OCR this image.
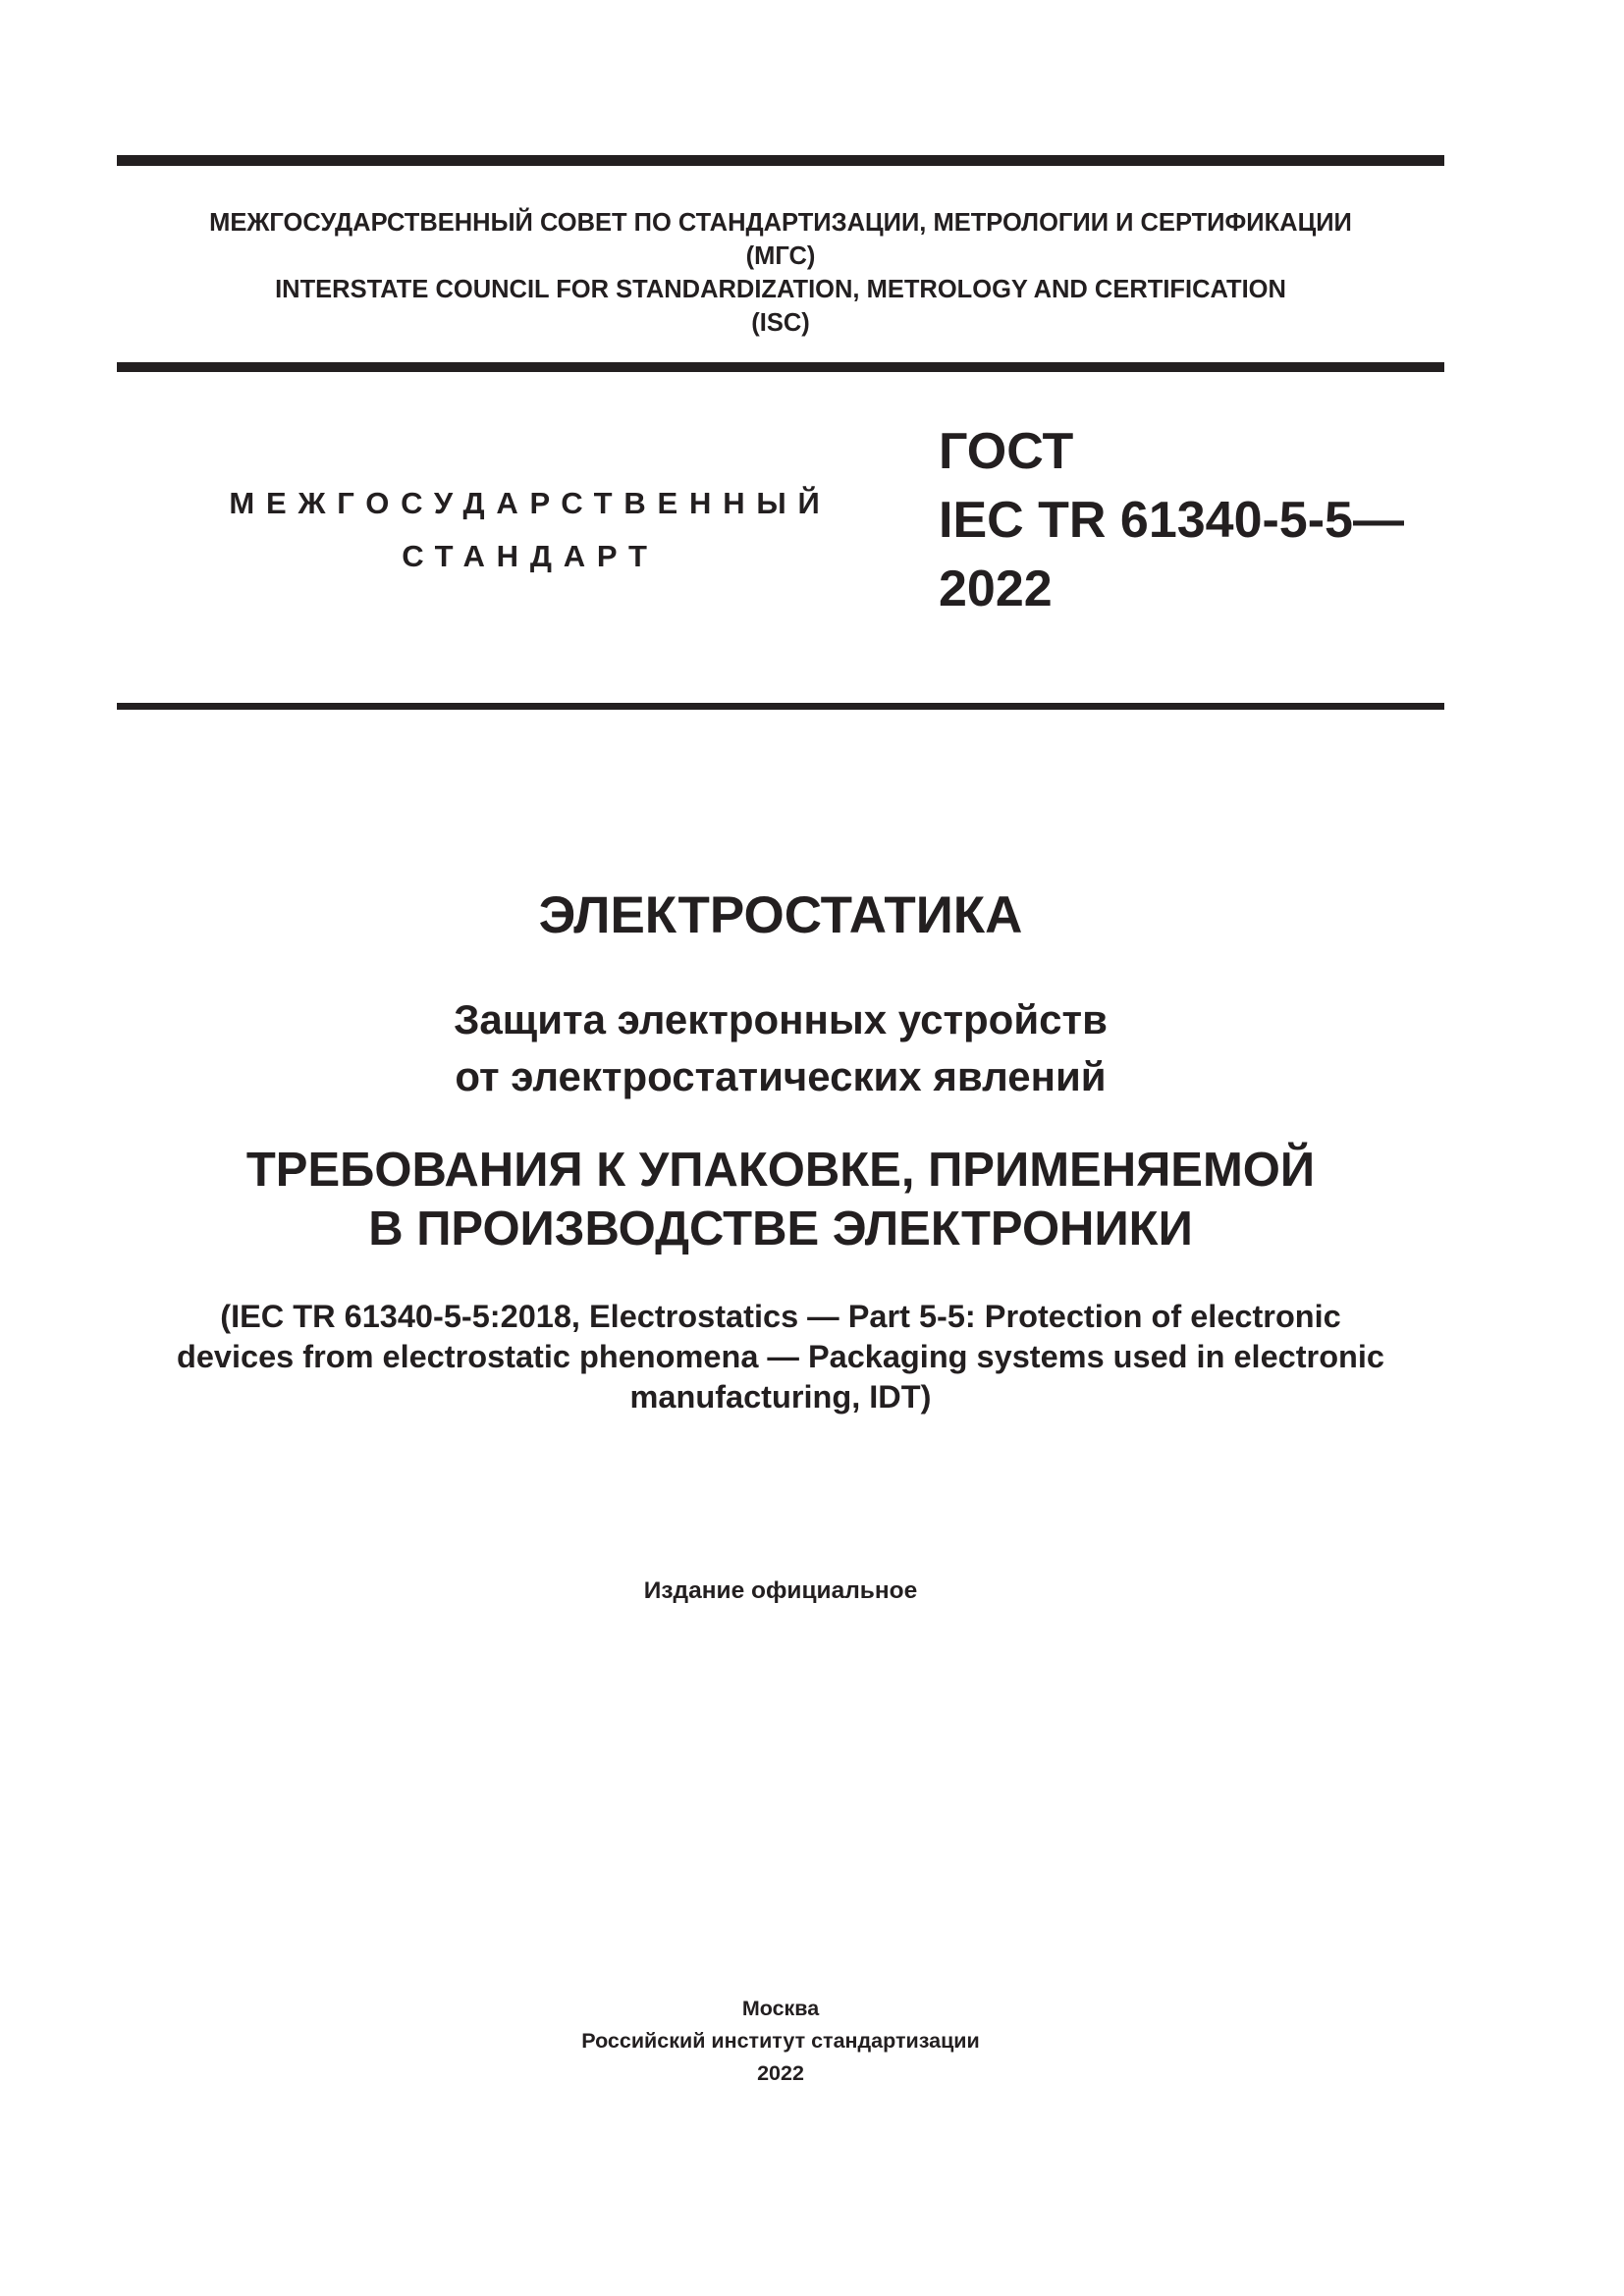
МЕЖГОСУДАРСТВЕННЫЙ СОВЕТ ПО СТАНДАРТИЗАЦИИ, МЕТРОЛОГИИ И СЕРТИФИКАЦИИ
(МГС)
INTERSTATE COUNCIL FOR STANDARDIZATION, METROLOGY AND CERTIFICATION
(ISC)
МЕЖГОСУДАРСТВЕННЫЙ
СТАНДАРТ
ГОСТ
IEC TR 61340-5-5—
2022
ЭЛЕКТРОСТАТИКА
Защита электронных устройств
от электростатических явлений
ТРЕБОВАНИЯ К УПАКОВКЕ, ПРИМЕНЯЕМОЙ
В ПРОИЗВОДСТВЕ ЭЛЕКТРОНИКИ
(IEC TR 61340-5-5:2018, Electrostatics — Part 5-5: Protection of electronic
devices from electrostatic phenomena — Packaging systems used in electronic
manufacturing, IDT)
Издание официальное
Москва
Российский институт стандартизации
2022
